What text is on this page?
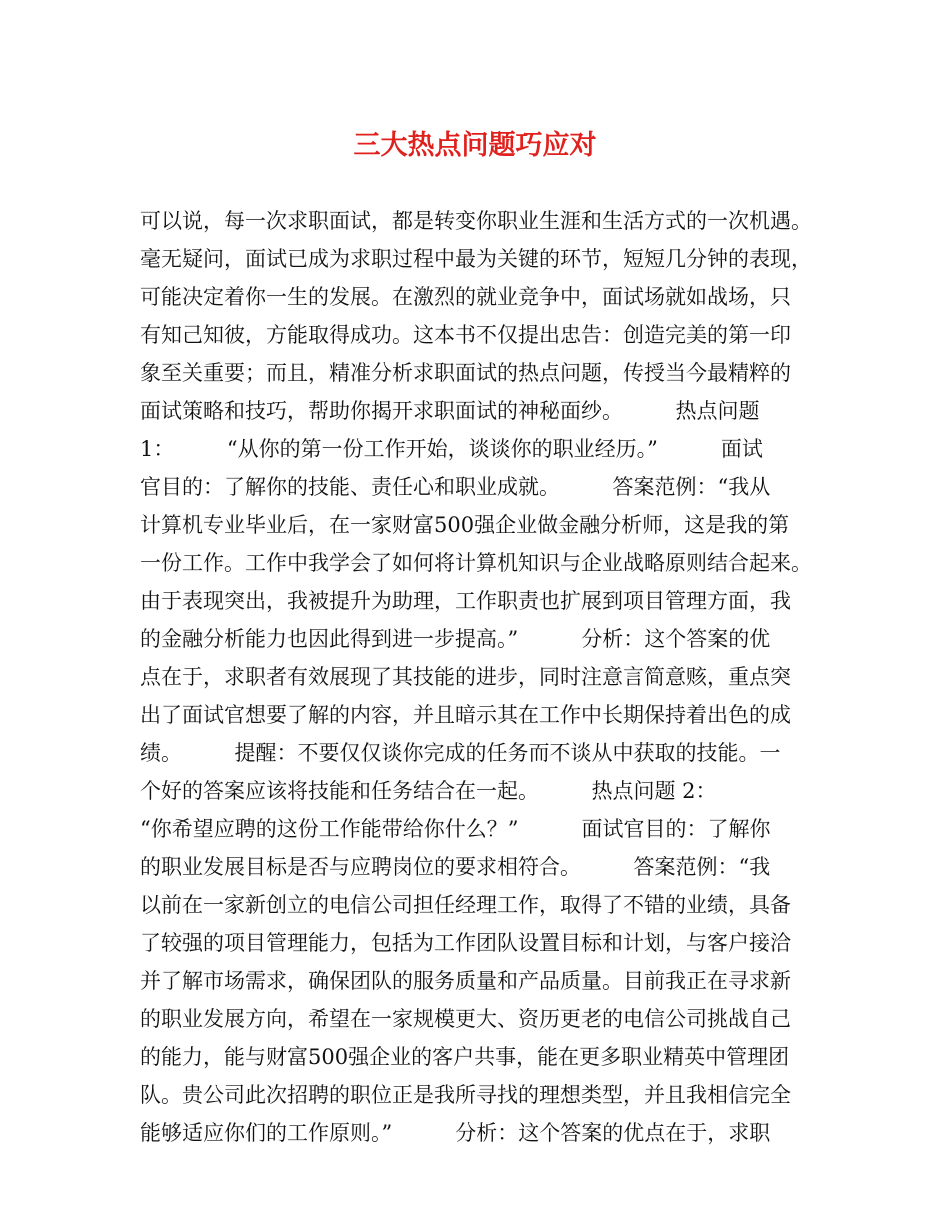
三大热点问题巧应对
可以说，每一次求职面试，都是转变你职业生涯和生活方式的一次机遇。
毫无疑问，面试已成为求职过程中最为关键的环节，短短几分钟的表现，
可能决定着你一生的发展。在激烈的就业竞争中，面试场就如战场，只
有知己知彼，方能取得成功。这本书不仅提出忠告：创造完美的第一印
象至关重要；而且，精准分析求职面试的热点问题，传授当今最精粹的
面试策略和技巧，帮助你揭开求职面试的神秘面纱。　　　热点问题
1：　　　“从你的第一份工作开始，谈谈你的职业经历。”　　　面试
官目的：了解你的技能、责任心和职业成就。　　　答案范例：“我从
计算机专业毕业后，在一家财富500强企业做金融分析师，这是我的第
一份工作。工作中我学会了如何将计算机知识与企业战略原则结合起来。
由于表现突出，我被提升为助理，工作职责也扩展到项目管理方面，我
的金融分析能力也因此得到进一步提高。”　　　分析：这个答案的优
点在于，求职者有效展现了其技能的进步，同时注意言简意赅，重点突
出了面试官想要了解的内容，并且暗示其在工作中长期保持着出色的成
绩。　　　提醒：不要仅仅谈你完成的任务而不谈从中获取的技能。一
个好的答案应该将技能和任务结合在一起。　　　热点问题 2：
“你希望应聘的这份工作能带给你什么？”　　　面试官目的：了解你
的职业发展目标是否与应聘岗位的要求相符合。　　　答案范例：“我
以前在一家新创立的电信公司担任经理工作，取得了不错的业绩，具备
了较强的项目管理能力，包括为工作团队设置目标和计划，与客户接洽
并了解市场需求，确保团队的服务质量和产品质量。目前我正在寻求新
的职业发展方向，希望在一家规模更大、资历更老的电信公司挑战自己
的能力，能与财富500强企业的客户共事，能在更多职业精英中管理团
队。贵公司此次招聘的职位正是我所寻找的理想类型，并且我相信完全
能够适应你们的工作原则。”　　　分析：这个答案的优点在于，求职
